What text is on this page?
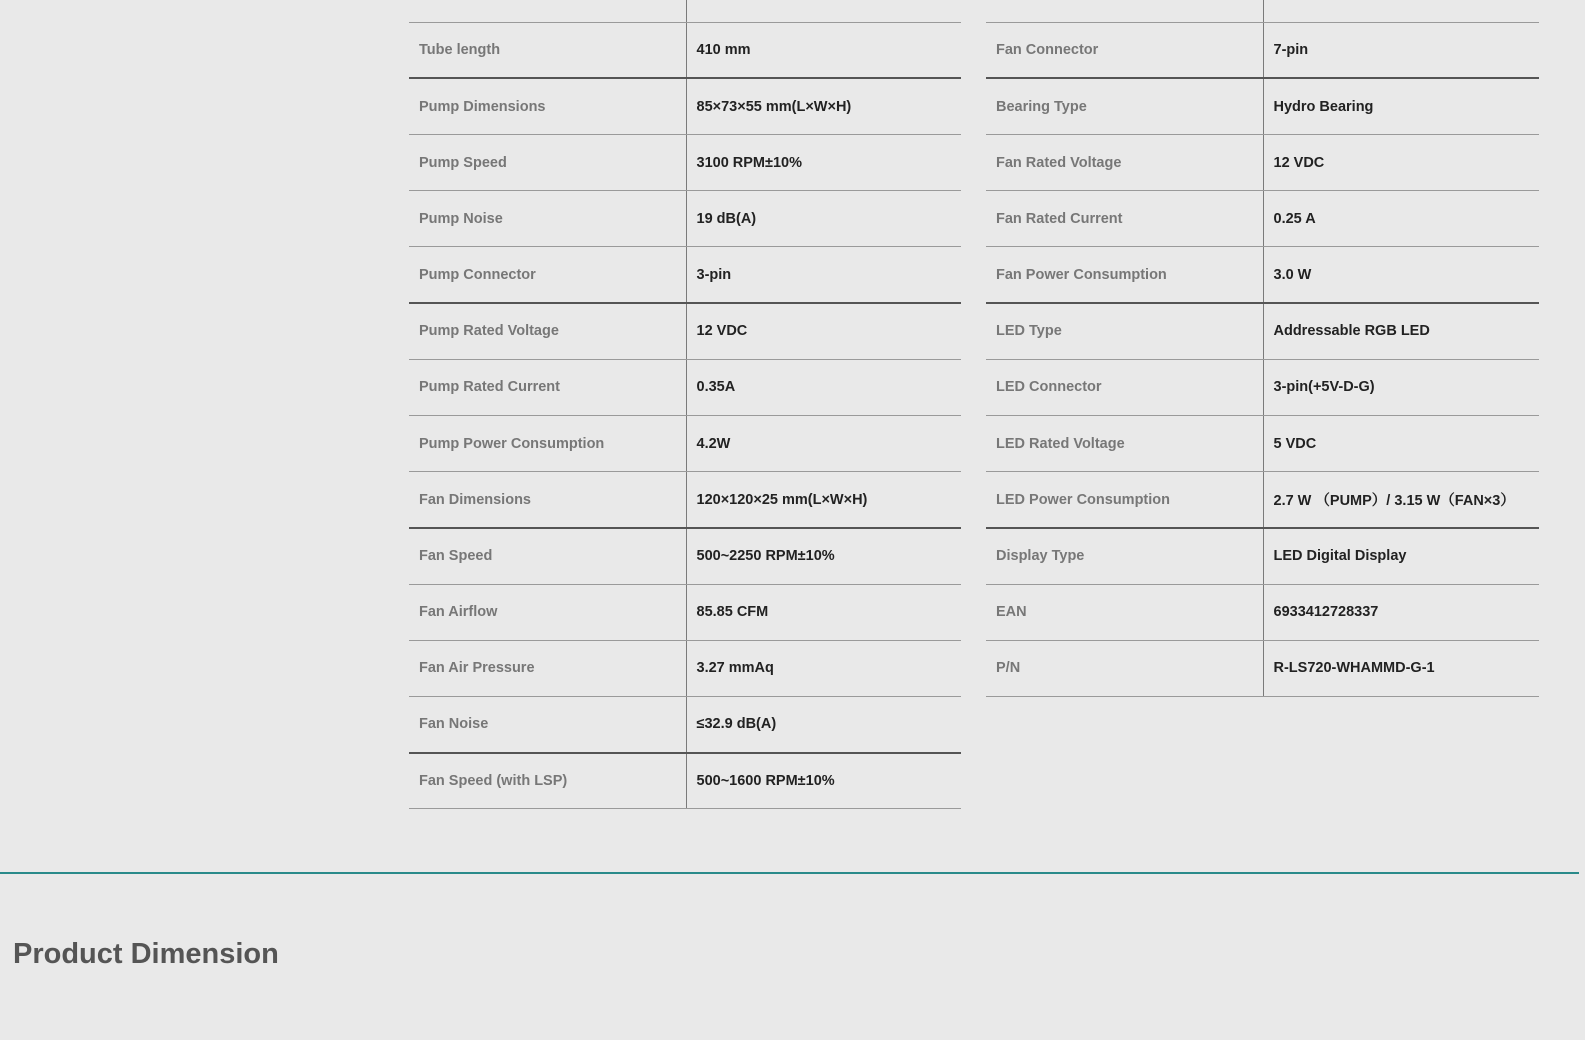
Tube length	410 mm
Pump Dimensions	85×73×55 mm(L×W×H)
Pump Speed	3100 RPM±10%
Pump Noise	19 dB(A)
Pump Connector	3-pin
Pump Rated Voltage	12 VDC
Pump Rated Current	0.35A
Pump Power Consumption	4.2W
Fan Dimensions	120×120×25 mm(L×W×H)
Fan Speed	500~2250 RPM±10%
Fan Airflow	85.85 CFM
Fan Air Pressure	3.27 mmAq
Fan Noise	≤32.9 dB(A)
Fan Speed (with LSP)	500~1600 RPM±10%

Fan Connector	7-pin
Bearing Type	Hydro Bearing
Fan Rated Voltage	12 VDC
Fan Rated Current	0.25 A
Fan Power Consumption	3.0 W
LED Type	Addressable RGB LED
LED Connector	3-pin(+5V-D-G)
LED Rated Voltage	5 VDC
LED Power Consumption	2.7 W （PUMP）/ 3.15 W（FAN×3）
Display Type	LED Digital Display
EAN	6933412728337
P/N	R-LS720-WHAMMD-G-1
Product Dimension
